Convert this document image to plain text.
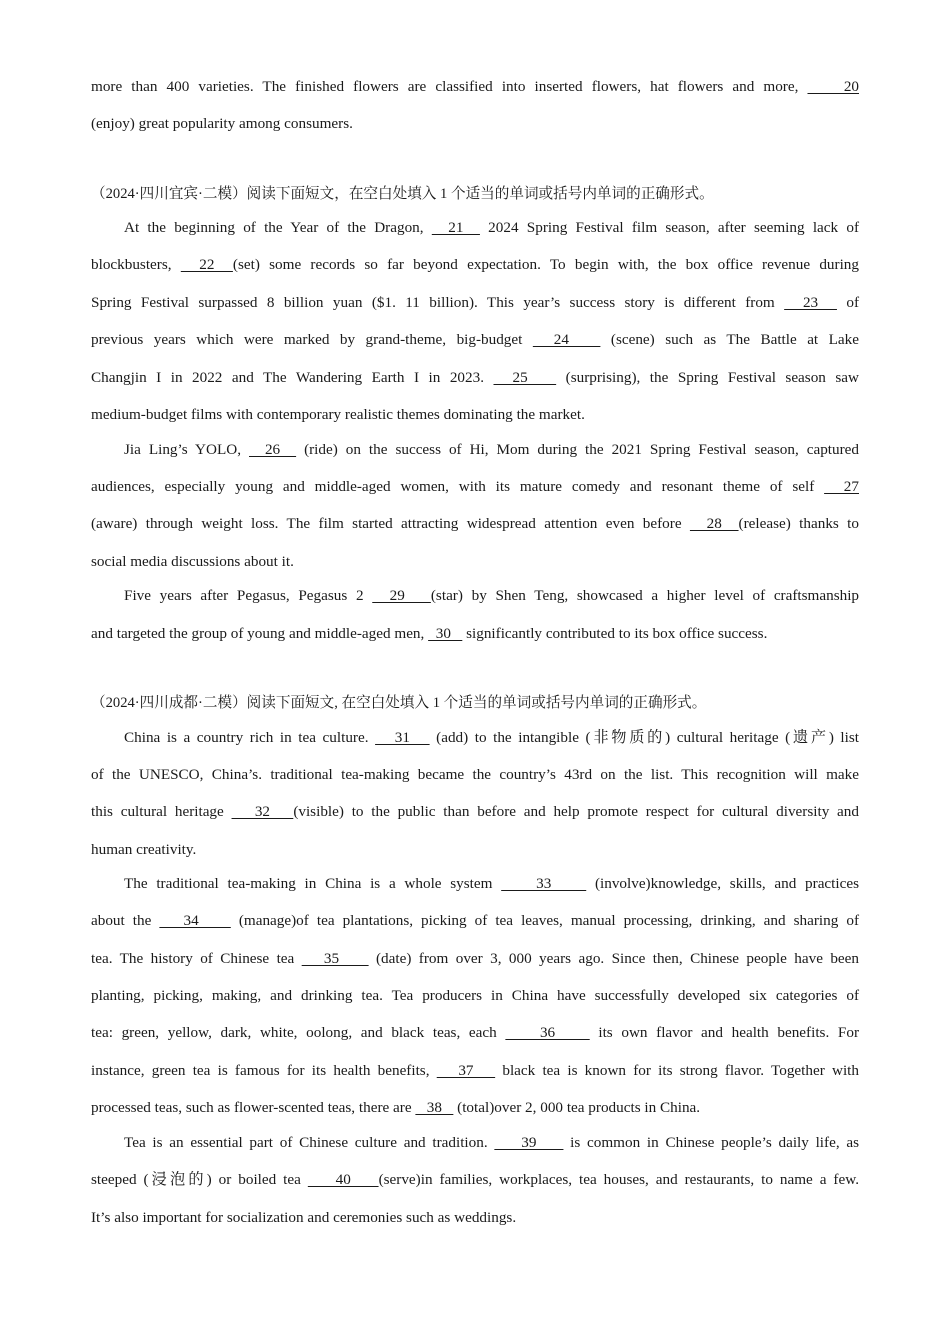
more than 400 varieties. The finished flowers are classified into inserted flowers, hat flowers and more,     20
(enjoy) great popularity among consumers.
（2024·四川宜宾·二模）阅读下面短文，在空白处填入 1 个适当的单词或括号内单词的正确形式。
At the beginning of the Year of the Dragon,   21   2024 Spring Festival film season, after seeming lack of
blockbusters,   22  (set) some records so far beyond expectation. To begin with, the box office revenue during
Spring Festival surpassed 8 billion yuan ($1. 11 billion). This year’s success story is different from   23   of
previous years which were marked by grand-theme, big-budget   24    (scene) such as The Battle at Lake
Changjin I in 2022 and The Wandering Earth I in 2023.   25    (surprising), the Spring Festival season saw
medium-budget films with contemporary realistic themes dominating the market.
Jia Ling’s YOLO,   26   (ride) on the success of Hi, Mom during the 2021 Spring Festival season, captured
audiences, especially young and middle-aged women, with its mature comedy and resonant theme of self   27
(aware) through weight loss. The film started attracting widespread attention even before   28  (release) thanks to
social media discussions about it.
Five years after Pegasus, Pegasus 2   29   (star) by Shen Teng, showcased a higher level of craftsmanship
and targeted the group of young and middle-aged men,   30    significantly contributed to its box office success.
（2024·四川成都·二模）阅读下面短文, 在空白处填入 1 个适当的单词或括号内单词的正确形式。
China is a country rich in tea culture.    31    (add) to the intangible (非物质的) cultural heritage (遗产) list
of the UNESCO, China’s. traditional tea-making became the country’s 43rd on the list. This recognition will make
this cultural heritage    32   (visible) to the public than before and help promote respect for cultural diversity and
human creativity.
The traditional tea-making in China is a whole system     33     (involve)knowledge, skills, and practices
about the    34     (manage)of tea plantations, picking of tea leaves, manual processing, drinking, and sharing of
tea. The history of Chinese tea    35     (date) from over 3, 000 years ago. Since then, Chinese people have been
planting, picking, making, and drinking tea. Tea producers in China have successfully developed six categories of
tea: green, yellow, dark, white, oolong, and black teas, each     36     its own flavor and health benefits. For
instance, green tea is famous for its health benefits,    37    black tea is known for its strong flavor. Together with
processed teas, such as flower-scented teas, there are    38    (total)over 2, 000 tea products in China.
Tea is an essential part of Chinese culture and tradition.     39     is common in Chinese people’s daily life, as
steeped (浸泡的) or boiled tea     40    (serve)in families, workplaces, tea houses, and restaurants, to name a few.
It’s also important for socialization and ceremonies such as weddings.
